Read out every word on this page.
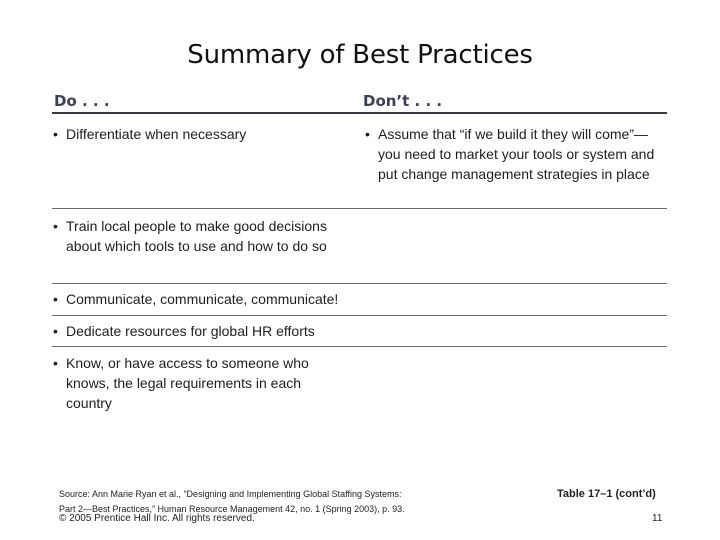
Summary of Best Practices
Do . . .	Don’t . . .
• Differentiate when necessary	• Assume that “if we build it they will come”—you need to market your tools or system and put change management strategies in place
• Train local people to make good decisions about which tools to use and how to do so
• Communicate, communicate, communicate!
• Dedicate resources for global HR efforts
• Know, or have access to someone who knows, the legal requirements in each country
Source: Ann Marie Ryan et al., “Designing and Implementing Global Staffing Systems: Part 2—Best Practices,” Human Resource Management 42, no. 1 (Spring 2003), p. 93.
Table 17–1 (cont’d)
© 2005 Prentice Hall Inc. All rights reserved.	11
